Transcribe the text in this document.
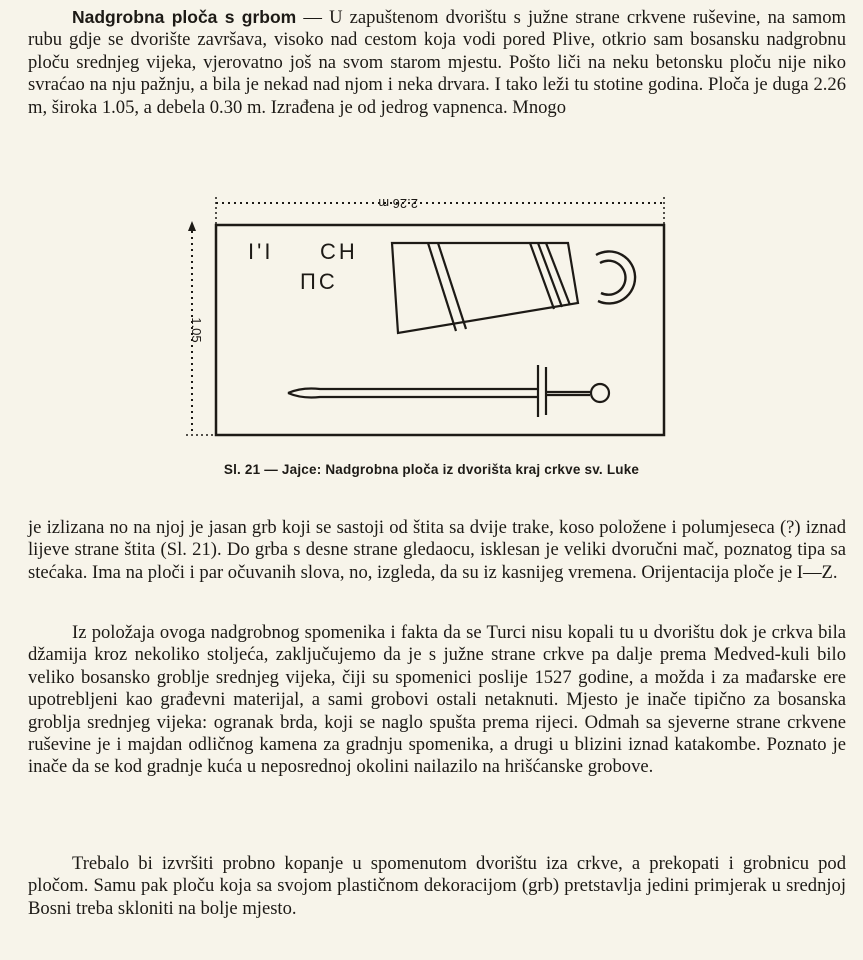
Nadgrobna ploča s grbom — U zapuštenom dvorištu s južne strane crkvene ruševine, na samom rubu gdje se dvorište završava, visoko nad cestom koja vodi pored Plive, otkrio sam bosansku nadgrobnu ploču srednjeg vijeka, vjerovatno još na svom starom mjestu. Pošto liči na neku betonsku ploču nije niko svraćao na nju pažnju, a bila je nekad nad njom i neka drvara. I tako leži tu stotine godina. Ploča je duga 2.26 m, široka 1.05, a debela 0.30 m. Izrađena je od jedrog vapnenca. Mnogo

2.26 m
1.05
I'I CH
ПC

Sl. 21 — Jajce: Nadgrobna ploča iz dvorišta kraj crkve sv. Luke

je izlizana no na njoj je jasan grb koji se sastoji od štita sa dvije trake, koso položene i polumjeseca (?) iznad lijeve strane štita (Sl. 21). Do grba s desne strane gledaocu, isklesan je veliki dvoručni mač, poznatog tipa sa stećaka. Ima na ploči i par očuvanih slova, no, izgleda, da su iz kasnijeg vremena. Orijentacija ploče je I—Z.

Iz položaja ovoga nadgrobnog spomenika i fakta da se Turci nisu kopali tu u dvorištu dok je crkva bila džamija kroz nekoliko stoljeća, zaključujemo da je s južne strane crkve pa dalje prema Medved-kuli bilo veliko bosansko groblje srednjeg vijeka, čiji su spomenici poslije 1527 godine, a možda i za mađarske ere upotrebljeni kao građevni materijal, a sami grobovi ostali netaknuti. Mjesto je inače tipično za bosanska groblja srednjeg vijeka: ogranak brda, koji se naglo spušta prema rijeci. Odmah sa sjeverne strane crkvene ruševine je i majdan odličnog kamena za gradnju spomenika, a drugi u blizini iznad katakombe. Poznato je inače da se kod gradnje kuća u neposrednoj okolini nailazilo na hrišćanske grobove.

Trebalo bi izvršiti probno kopanje u spomenutom dvorištu iza crkve, a prekopati i grobnicu pod pločom. Samu pak ploču koja sa svojom plastičnom dekoracijom (grb) pretstavlja jedini primjerak u srednjoj Bosni treba skloniti na bolje mjesto.
